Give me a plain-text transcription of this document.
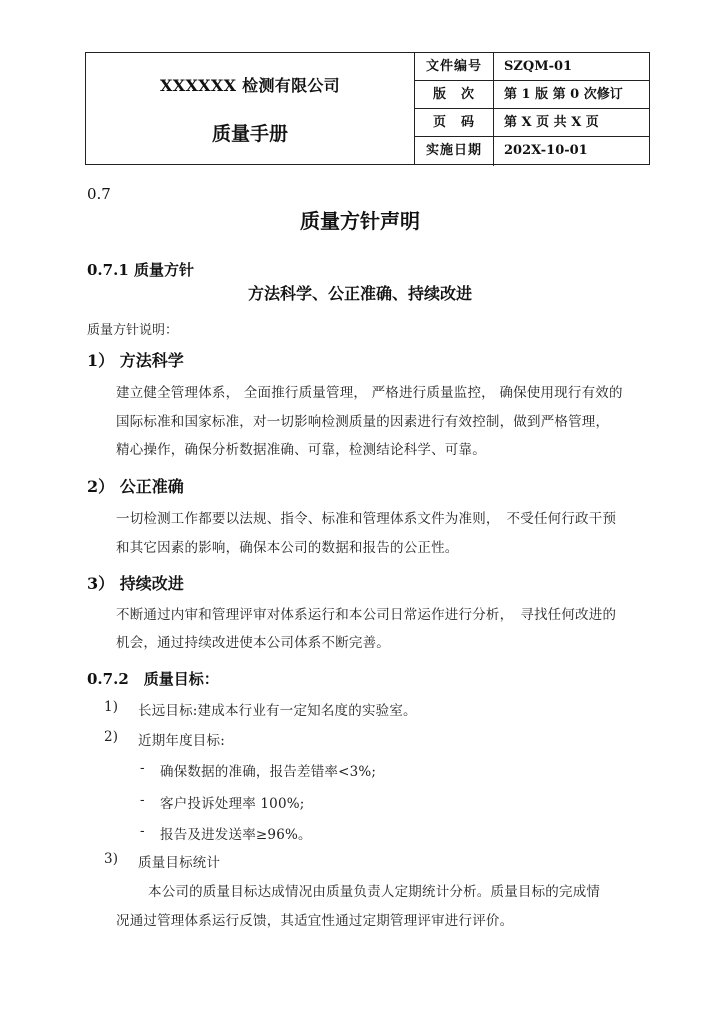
XXXXXX 检测有限公司
质量手册
文件编号	SZQM-01
版　次	第 1 版 第 0 次修订
页　码	第 X 页 共 X 页
实施日期	202X-10-01
0.7
质量方针声明
0.7.1 质量方针
方法科学、公正准确、持续改进
质量方针说明：
1） 方法科学
建立健全管理体系， 全面推行质量管理， 严格进行质量监控， 确保使用现行有效的
国际标准和国家标准，对一切影响检测质量的因素进行有效控制，做到严格管理，
精心操作，确保分析数据准确、可靠，检测结论科学、可靠。
2） 公正准确
一切检测工作都要以法规、指令、标准和管理体系文件为准则，　不受任何行政干预
和其它因素的影响，确保本公司的数据和报告的公正性。
3） 持续改进
不断通过内审和管理评审对体系运行和本公司日常运作进行分析，　寻找任何改进的
机会，通过持续改进使本公司体系不断完善。
0.7.2　质量目标：
1) 长远目标:建成本行业有一定知名度的实验室。
2) 近期年度目标:
- 确保数据的准确，报告差错率<3%;
- 客户投诉处理率 100%;
- 报告及进发送率≥96%。
3) 质量目标统计
本公司的质量目标达成情况由质量负责人定期统计分析。质量目标的完成情
况通过管理体系运行反馈，其适宜性通过定期管理评审进行评价。
